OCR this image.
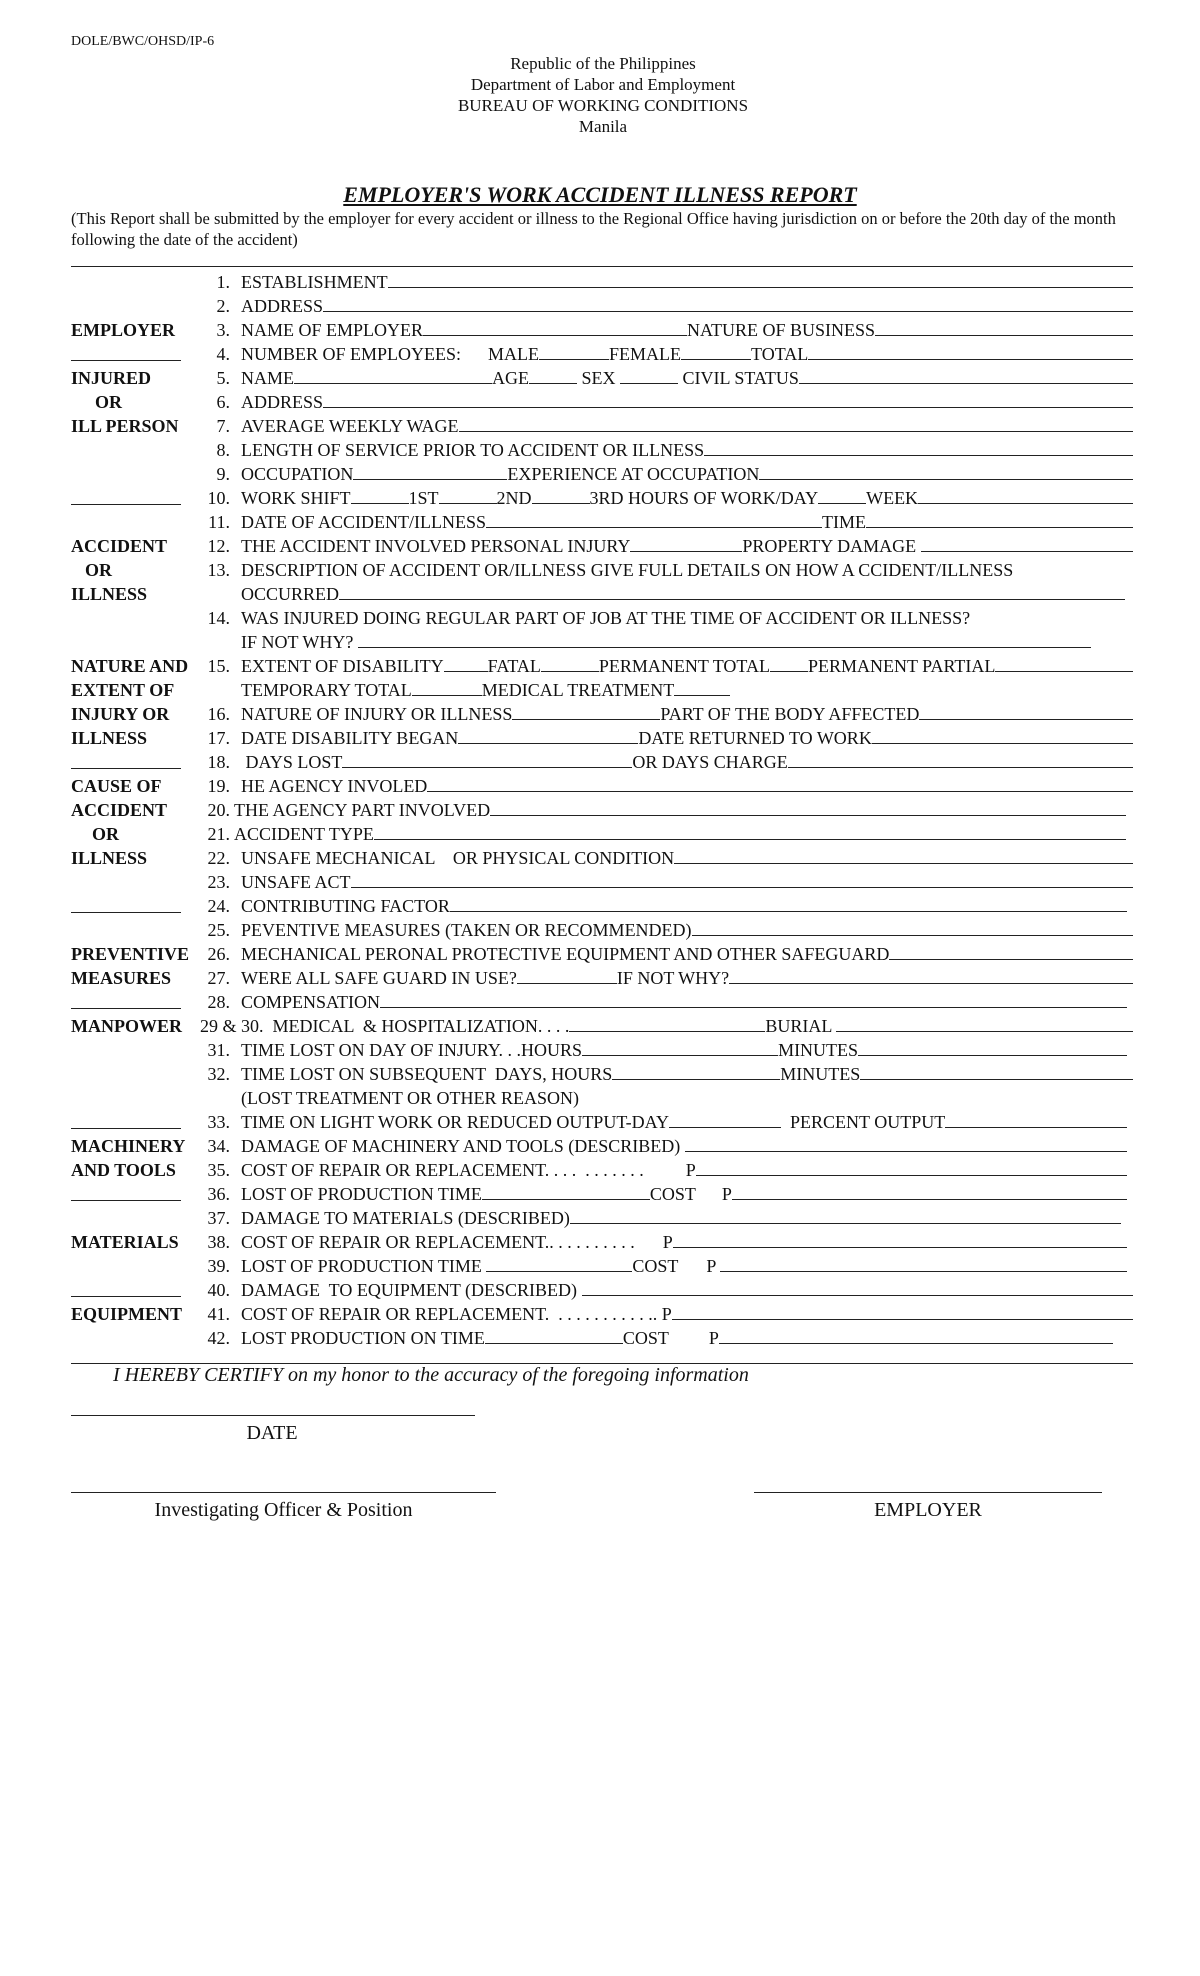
DOLE/BWC/OHSD/IP-6
Republic of the Philippines
Department of Labor and Employment
BUREAU OF WORKING CONDITIONS
Manila
EMPLOYER'S WORK ACCIDENT ILLNESS REPORT
(This Report shall be submitted by the employer for every accident or illness to the Regional Office having jurisdiction on or before the 20th day of the month following the date of the accident)
1. ESTABLISHMENT
2. ADDRESS
EMPLOYER	3. NAME OF EMPLOYER	NATURE OF BUSINESS
4. NUMBER OF EMPLOYEES:      MALE	FEMALE	TOTAL
INJURED	5. NAME	AGE	SEX	CIVIL STATUS
OR	6. ADDRESS
ILL PERSON	7. AVERAGE WEEKLY WAGE
8. LENGTH OF SERVICE PRIOR TO ACCIDENT OR ILLNESS
9. OCCUPATION	EXPERIENCE AT OCCUPATION
10. WORK SHIFT	1ST	2ND	3RD HOURS OF WORK/DAY	WEEK
11. DATE OF ACCIDENT/ILLNESS	TIME
ACCIDENT	12. THE ACCIDENT INVOLVED PERSONAL INJURY	PROPERTY DAMAGE
OR	13. DESCRIPTION OF ACCIDENT OR/ILLNESS GIVE FULL DETAILS ON HOW A CCIDENT/ILLNESS
ILLNESS	OCCURRED
14. WAS INJURED DOING REGULAR PART OF JOB AT THE TIME OF ACCIDENT OR ILLNESS?
IF NOT WHY?
NATURE AND	15. EXTENT OF DISABILITY FATAL	PERMANENT TOTAL PERMANENT PARTIAL
EXTENT OF	TEMPORARY TOTAL	MEDICAL TREATMENT
INJURY OR	16. NATURE OF INJURY OR ILLNESS	PART OF THE BODY AFFECTED
ILLNESS	17. DATE DISABILITY BEGAN	DATE RETURNED TO WORK
18. DAYS LOST	OR DAYS CHARGE
CAUSE OF	19. HE AGENCY INVOLED
ACCIDENT	20. THE AGENCY PART INVOLVED
OR	21. ACCIDENT TYPE
ILLNESS	22. UNSAFE MECHANICAL    OR PHYSICAL CONDITION
23. UNSAFE ACT
24. CONTRIBUTING FACTOR
25. PEVENTIVE MEASURES (TAKEN OR RECOMMENDED)
PREVENTIVE	26. MECHANICAL PERONAL PROTECTIVE EQUIPMENT AND OTHER SAFEGUARD
MEASURES	27. WERE ALL SAFE GUARD IN USE?	IF NOT WHY?
28. COMPENSATION
MANPOWER	29 & 30. MEDICAL  & HOSPITALIZATION. . . .	BURIAL
31. TIME LOST ON DAY OF INJURY. . .HOURS	MINUTES
32. TIME LOST ON SUBSEQUENT  DAYS, HOURS	MINUTES
(LOST TREATMENT OR OTHER REASON)
33. TIME ON LIGHT WORK OR REDUCED OUTPUT-DAY	PERCENT OUTPUT
MACHINERY	34. DAMAGE OF MACHINERY AND TOOLS (DESCRIBED)
AND TOOLS	35. COST OF REPAIR OR REPLACEMENT. . . .  . . . . . . . P
36. LOST OF PRODUCTION TIME	COST P
37. DAMAGE TO MATERIALS (DESCRIBED)
MATERIALS	38. COST OF REPAIR OR REPLACEMENT.. . . . . . . . . . P
39. LOST OF PRODUCTION TIME	COST P
40. DAMAGE  TO EQUIPMENT (DESCRIBED)
EQUIPMENT	41. COST OF REPAIR OR REPLACEMENT.  . . . . . . . . . . .. P
42. LOST PRODUCTION ON TIME	COST P
I HEREBY CERTIFY on my honor to the accuracy of the foregoing information
DATE
Investigating Officer & Position	EMPLOYER
